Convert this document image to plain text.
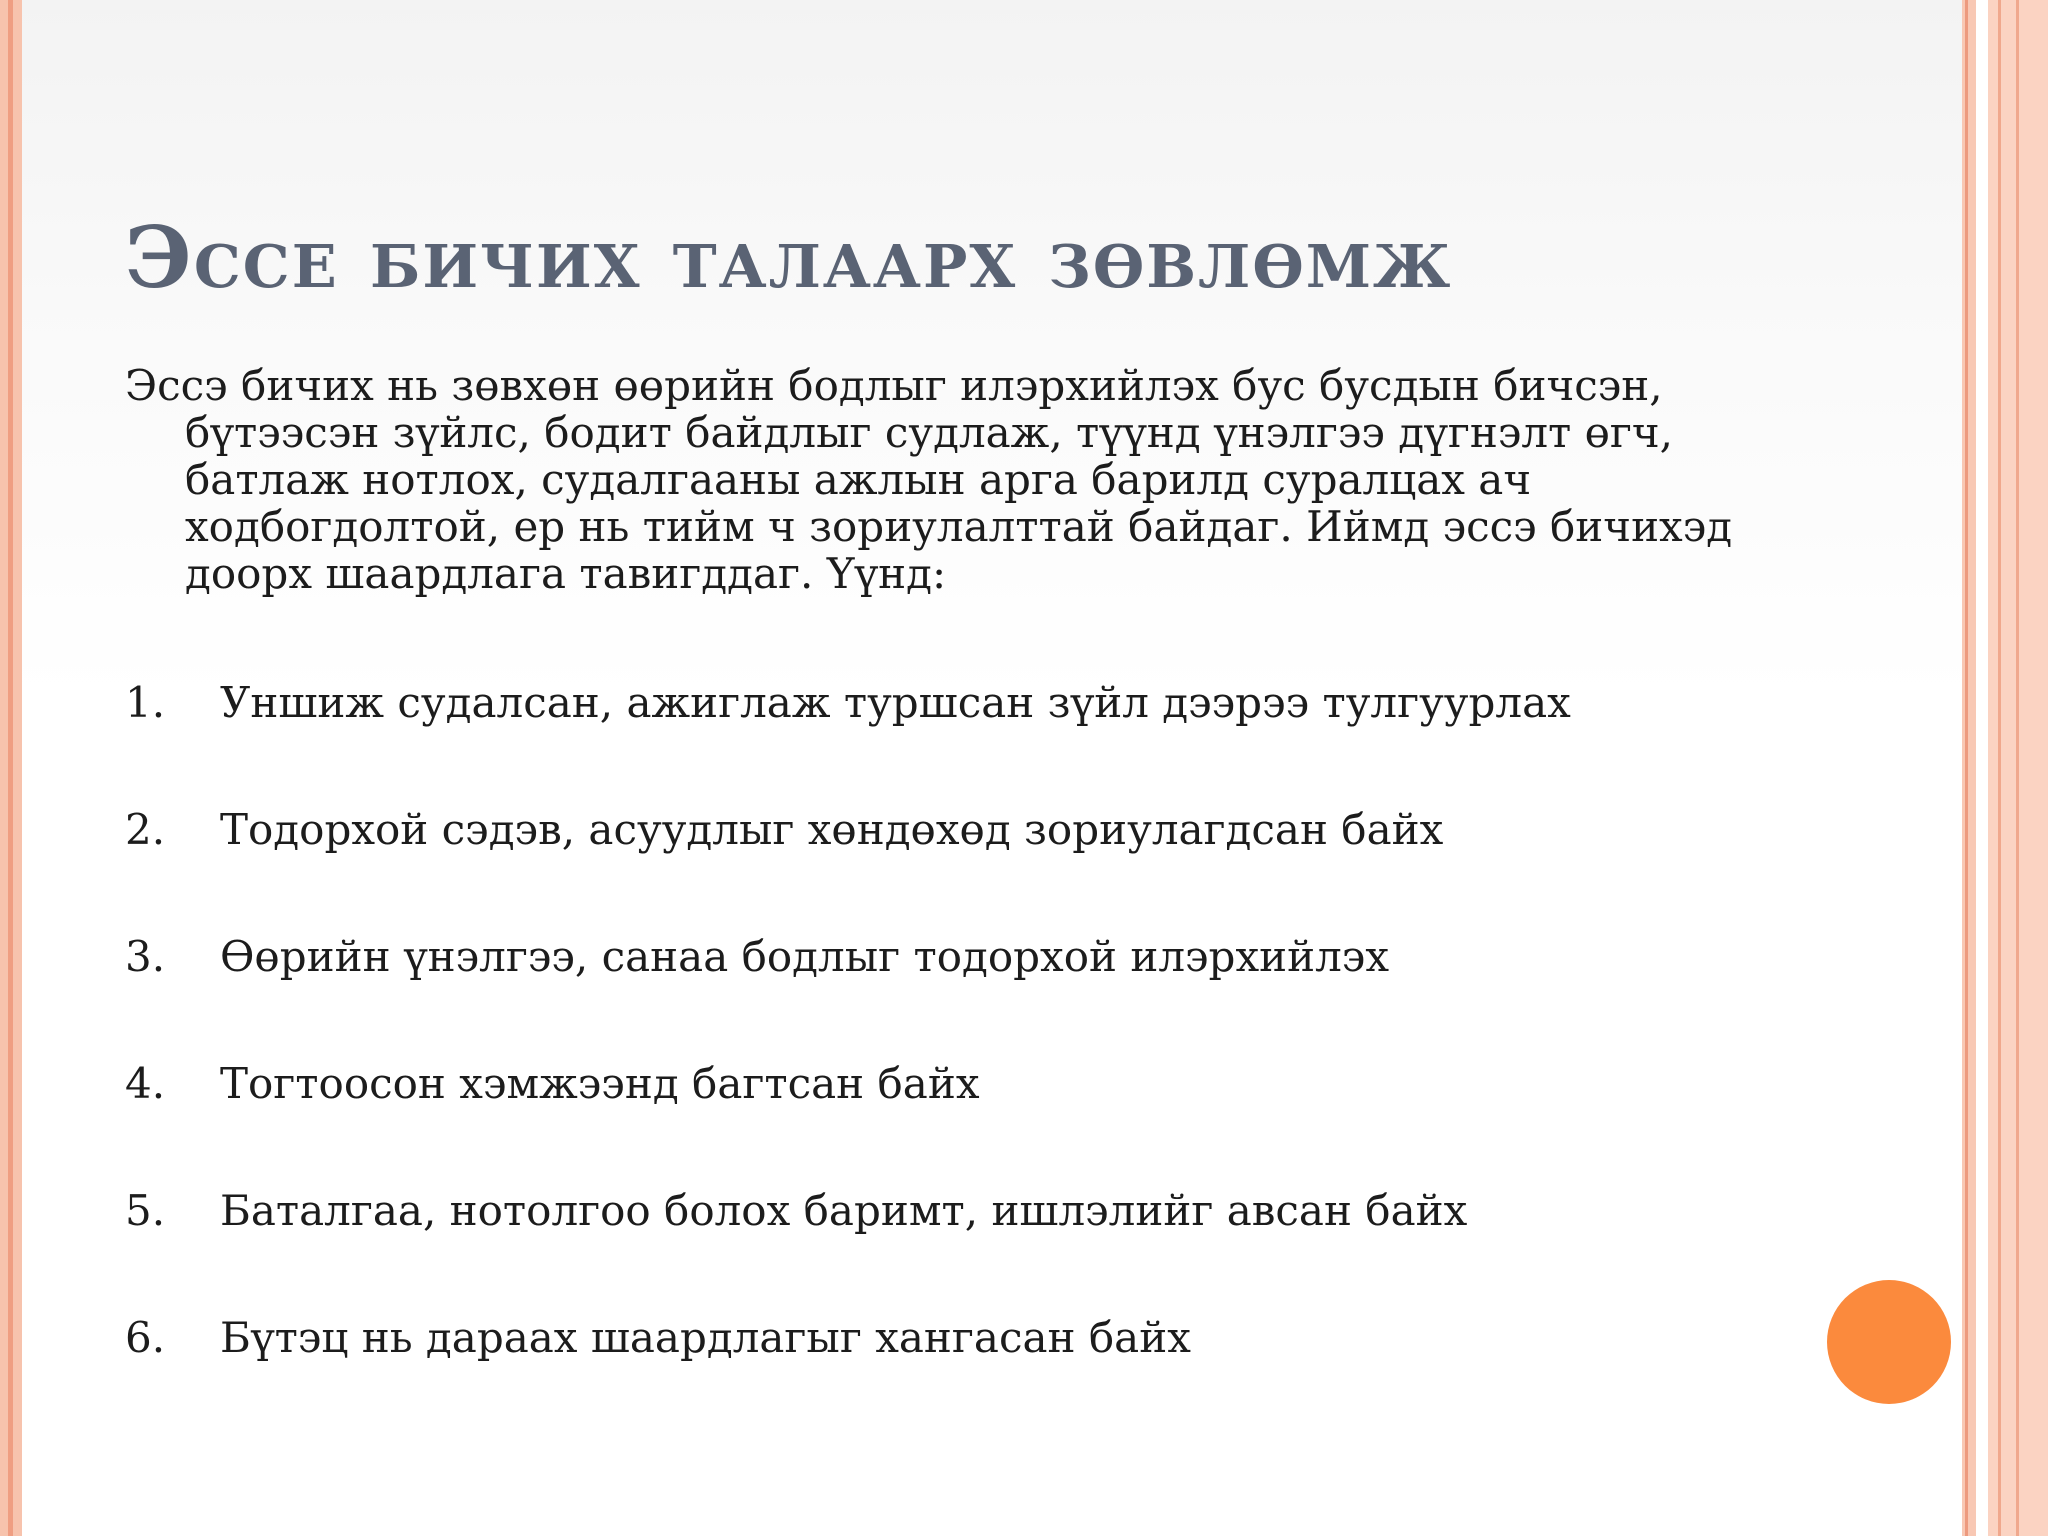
Эссе бичих талаарх зөвлөмж

Эссэ бичих нь зөвхөн өөрийн бодлыг илэрхийлэх бус бусдын бичсэн, бүтээсэн зүйлс, бодит байдлыг судлаж, түүнд үнэлгээ дүгнэлт өгч, батлаж нотлох, судалгааны ажлын арга барилд суралцах ач ходбогдолтой, ер нь тийм ч зориулалттай байдаг. Иймд эссэ бичихэд доорх шаардлага тавигддаг. Үүнд:

1. Уншиж судалсан, ажиглаж туршсан зүйл дээрээ тулгуурлах
2. Тодорхой сэдэв, асуудлыг хөндөхөд зориулагдсан байх
3. Өөрийн үнэлгээ, санаа бодлыг тодорхой илэрхийлэх
4. Тогтоосон хэмжээнд багтсан байх
5. Баталгаа, нотолгоо болох баримт, ишлэлийг авсан байх
6. Бүтэц нь дараах шаардлагыг хангасан байх
